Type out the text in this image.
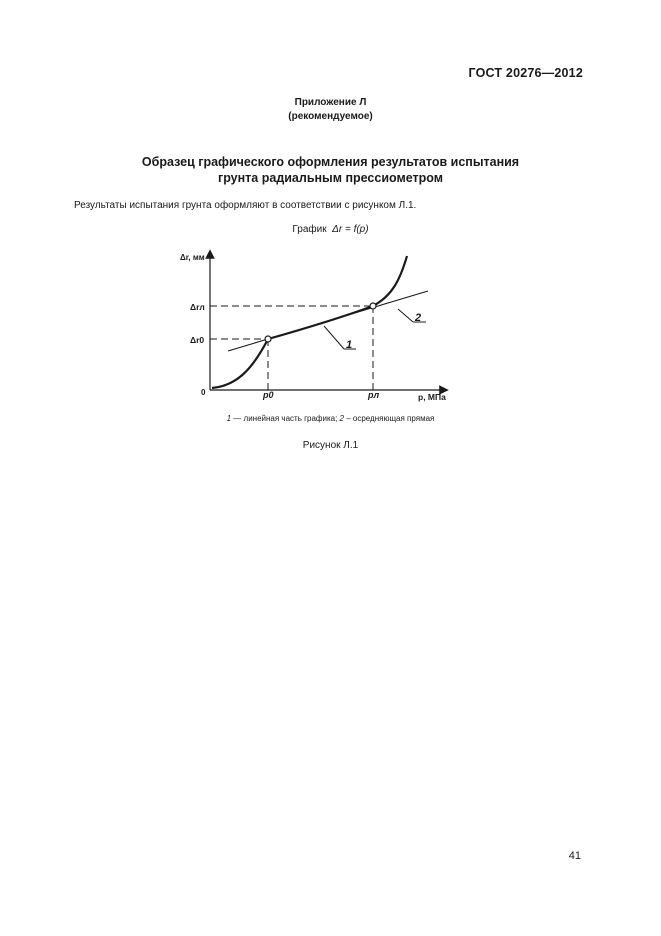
ГОСТ 20276—2012
Приложение Л
(рекомендуемое)
Образец графического оформления результатов испытания
грунта радиальным прессиометром
Результаты испытания грунта оформляют в соответствии с рисунком Л.1.
График Δr = f(p)
Δr, мм
p, МПа
0
Δrл
Δr0
p0	pл
1
2
1 — линейная часть графика; 2 – осредняющая прямая
Рисунок Л.1
41
